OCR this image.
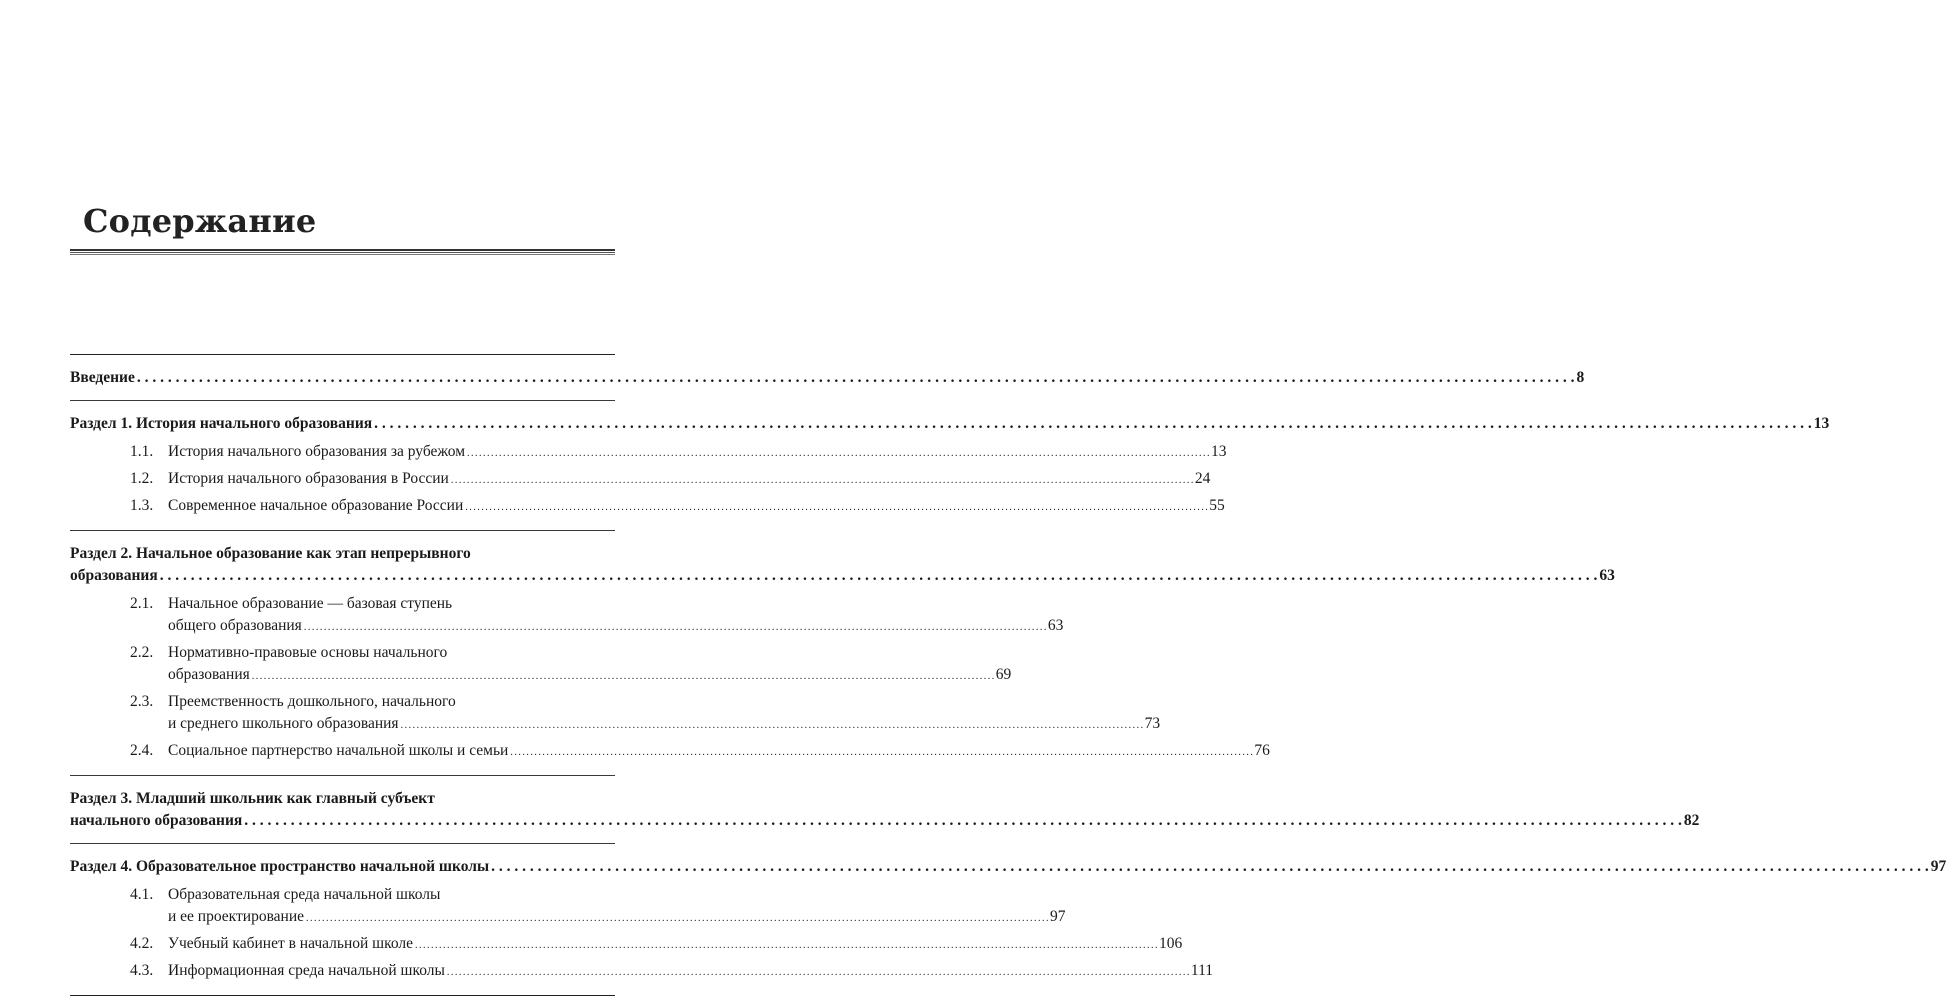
Содержание
Введение . . .	8
Раздел 1. История начального образования . . .	13
1.1. История начального образования за рубежом . . .	13
1.2. История начального образования в России . . .	24
1.3. Современное начальное образование России . . .	55
Раздел 2. Начальное образование как этап непрерывного
образования . . .	63
2.1. Начальное образование — базовая ступень
общего образования . . .	63
2.2. Нормативно-правовые основы начального
образования . . .	69
2.3. Преемственность дошкольного, начального
и среднего школьного образования . . .	73
2.4. Социальное партнерство начальной школы и семьи . . .	76
Раздел 3. Младший школьник как главный субъект
начального образования . . .	82
Раздел 4. Образовательное пространство начальной школы . . .	97
4.1. Образовательная среда начальной школы
и ее проектирование . . .	97
4.2. Учебный кабинет в начальной школе . . .	106
4.3. Информационная среда начальной школы . . .	111
